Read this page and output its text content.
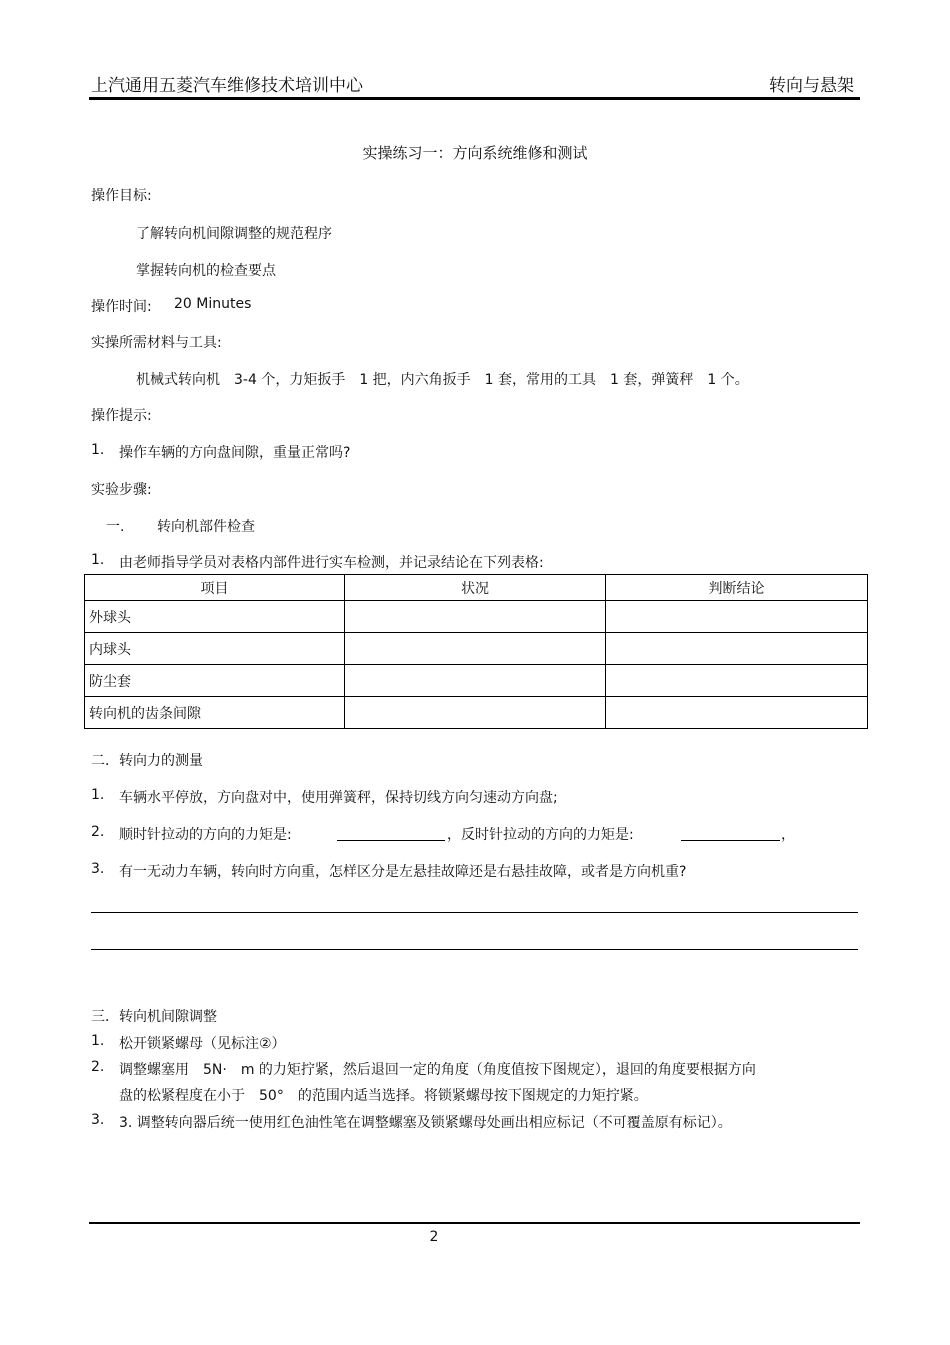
上汽通用五菱汽车维修技术培训中心	转向与悬架
实操练习一：方向系统维修和测试
操作目标:
了解转向机间隙调整的规范程序
掌握转向机的检查要点
操作时间: 20 Minutes
实操所需材料与工具:
机械式转向机　3-4 个，力矩扳手　1 把，内六角扳手　1 套，常用的工具　1 套，弹簧秤　1 个。
操作提示:
1. 操作车辆的方向盘间隙，重量正常吗?
实验步骤:
一. 转向机部件检查
1. 由老师指导学员对表格内部件进行实车检测，并记录结论在下列表格:
项目	状况	判断结论
外球头		
内球头		
防尘套		
转向机的齿条间隙		
二．转向力的测量
1. 车辆水平停放，方向盘对中，使用弹簧秤，保持切线方向匀速动方向盘;
2. 顺时针拉动的方向的力矩是:	，反时针拉动的方向的力矩是:	，
3. 有一无动力车辆，转向时方向重，怎样区分是左悬挂故障还是右悬挂故障，或者是方向机重?
三．转向机间隙调整
1. 松开锁紧螺母（见标注②）
2. 调整螺塞用　5N·　m 的力矩拧紧，然后退回一定的角度（角度值按下图规定），退回的角度要根据方向
盘的松紧程度在小于　50°　的范围内适当选择。将锁紧螺母按下图规定的力矩拧紧。
3. 3. 调整转向器后统一使用红色油性笔在调整螺塞及锁紧螺母处画出相应标记（不可覆盖原有标记）。
2
